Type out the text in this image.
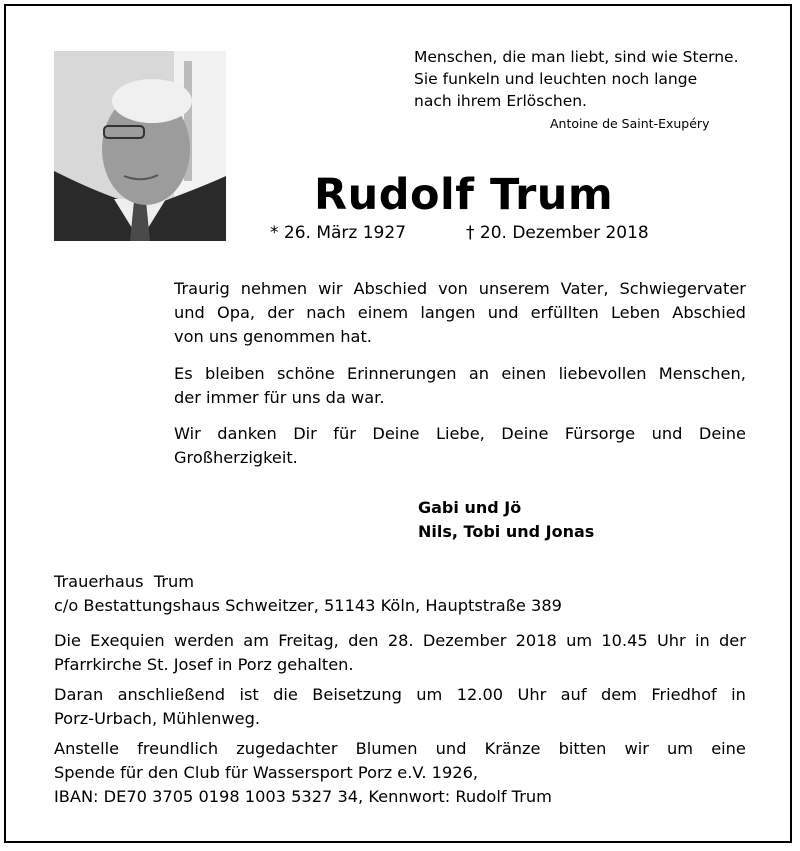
Menschen, die man liebt, sind wie Sterne.
Sie funkeln und leuchten noch lange
nach ihrem Erlöschen.
Antoine de Saint-Exupéry
Rudolf Trum
* 26. März 1927	† 20. Dezember 2018
Traurig nehmen wir Abschied von unserem Vater, Schwiegervater
und Opa, der nach einem langen und erfüllten Leben Abschied
von uns genommen hat.
Es bleiben schöne Erinnerungen an einen liebevollen Menschen,
der immer für uns da war.
Wir danken Dir für Deine Liebe, Deine Fürsorge und Deine
Großherzigkeit.
Gabi und Jö
Nils, Tobi und Jonas
Trauerhaus  Trum
c/o Bestattungshaus Schweitzer, 51143 Köln, Hauptstraße 389
Die Exequien werden am Freitag, den 28. Dezember 2018 um 10.45 Uhr in der
Pfarrkirche St. Josef in Porz gehalten.
Daran anschließend ist die Beisetzung um 12.00 Uhr auf dem Friedhof in
Porz-Urbach, Mühlenweg.
Anstelle freundlich zugedachter Blumen und Kränze bitten wir um eine
Spende für den Club für Wassersport Porz e.V. 1926,
IBAN: DE70 3705 0198 1003 5327 34, Kennwort: Rudolf Trum
